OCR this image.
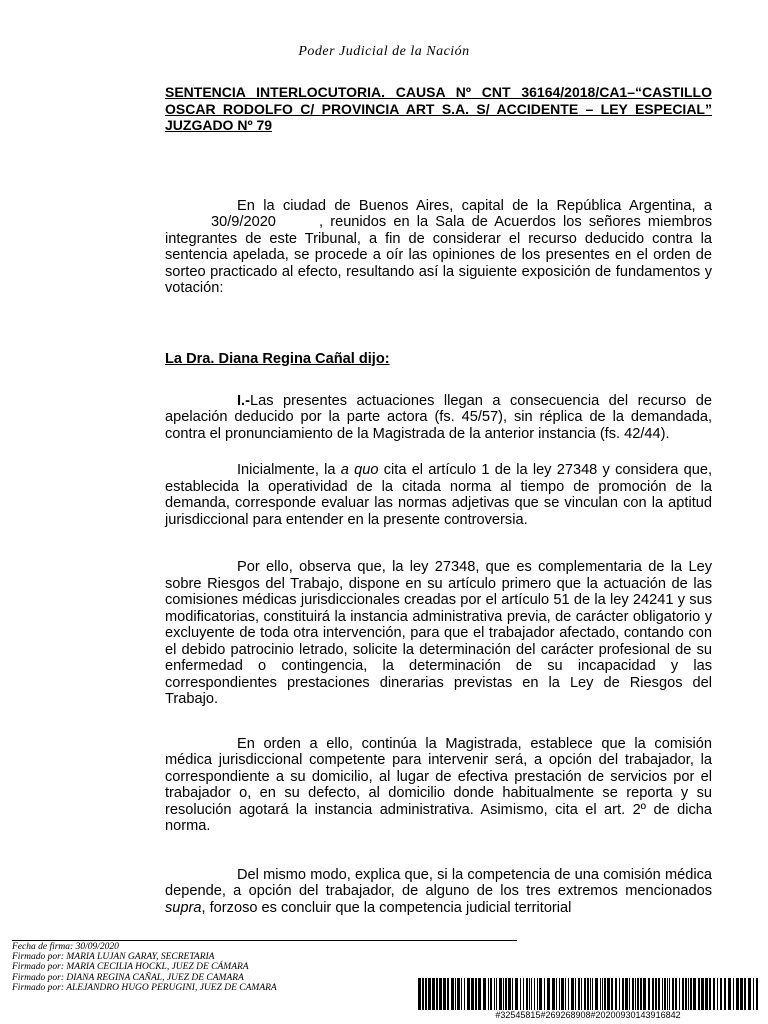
Poder Judicial de la Nación

SENTENCIA INTERLOCUTORIA. CAUSA Nº CNT 36164/2018/CA1–“CASTILLO OSCAR RODOLFO C/ PROVINCIA ART S.A. S/ ACCIDENTE – LEY ESPECIAL” JUZGADO Nº 79

En la ciudad de Buenos Aires, capital de la República Argentina, a 30/9/2020	, reunidos en la Sala de Acuerdos los señores miembros integrantes de este Tribunal, a fin de considerar el recurso deducido contra la sentencia apelada, se procede a oír las opiniones de los presentes en el orden de sorteo practicado al efecto, resultando así la siguiente exposición de fundamentos y votación:

La Dra. Diana Regina Cañal dijo:

I.-Las presentes actuaciones llegan a consecuencia del recurso de apelación deducido por la parte actora (fs. 45/57), sin réplica de la demandada, contra el pronunciamiento de la Magistrada de la anterior instancia (fs. 42/44).

Inicialmente, la a quo cita el artículo 1 de la ley 27348 y considera que, establecida la operatividad de la citada norma al tiempo de promoción de la demanda, corresponde evaluar las normas adjetivas que se vinculan con la aptitud jurisdiccional para entender en la presente controversia.

Por ello, observa que, la ley 27348, que es complementaria de la Ley sobre Riesgos del Trabajo, dispone en su artículo primero que la actuación de las comisiones médicas jurisdiccionales creadas por el artículo 51 de la ley 24241 y sus modificatorias, constituirá la instancia administrativa previa, de carácter obligatorio y excluyente de toda otra intervención, para que el trabajador afectado, contando con el debido patrocinio letrado, solicite la determinación del carácter profesional de su enfermedad o contingencia, la determinación de su incapacidad y las correspondientes prestaciones dinerarias previstas en la Ley de Riesgos del Trabajo.

En orden a ello, continúa la Magistrada, establece que la comisión médica jurisdiccional competente para intervenir será, a opción del trabajador, la correspondiente a su domicilio, al lugar de efectiva prestación de servicios por el trabajador o, en su defecto, al domicilio donde habitualmente se reporta y su resolución agotará la instancia administrativa. Asimismo, cita el art. 2º de dicha norma.

Del mismo modo, explica que, si la competencia de una comisión médica depende, a opción del trabajador, de alguno de los tres extremos mencionados supra, forzoso es concluir que la competencia judicial territorial

Fecha de firma: 30/09/2020
Firmado por: MARIA LUJAN GARAY, SECRETARIA
Firmado por: MARIA CECILIA HOCKL, JUEZ DE CÁMARA
Firmado por: DIANA REGINA CAÑAL, JUEZ DE CAMARA
Firmado por: ALEJANDRO HUGO PERUGINI, JUEZ DE CAMARA
#32545815#269268908#20200930143916842
